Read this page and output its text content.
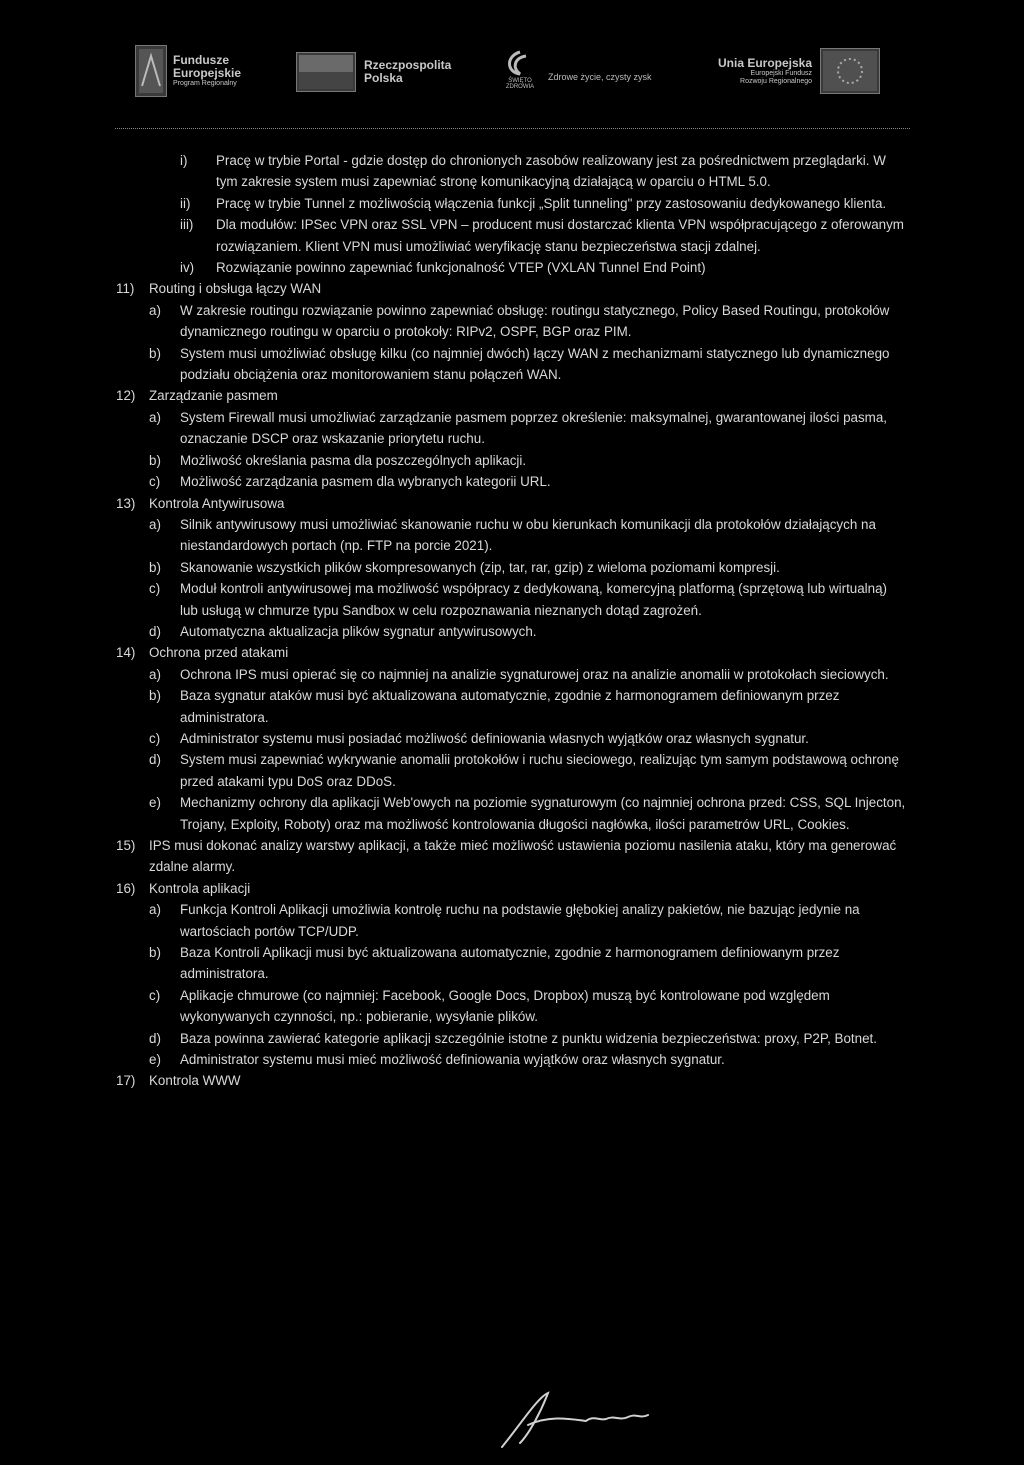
Fundusze
Europejskie
Program Regionalny
Rzeczpospolita
Polska	ŚWIĘTO ZDROWIA
Zdrowe życie, czysty zysk
Unia Europejska
Europejski Fundusz
Rozwoju Regionalnego
i) Pracę w trybie Portal - gdzie dostęp do chronionych zasobów realizowany jest za pośrednictwem przeglądarki. W tym zakresie system musi zapewniać stronę komunikacyjną działającą w oparciu o HTML 5.0.
ii) Pracę w trybie Tunnel z możliwością włączenia funkcji „Split tunneling" przy zastosowaniu dedykowanego klienta.
iii) Dla modułów: IPSec VPN oraz SSL VPN – producent musi dostarczać klienta VPN współpracującego z oferowanym rozwiązaniem. Klient VPN musi umożliwiać weryfikację stanu bezpieczeństwa stacji zdalnej.
iv) Rozwiązanie powinno zapewniać funkcjonalność VTEP (VXLAN Tunnel End Point)
11) Routing i obsługa łączy WAN
a) W zakresie routingu rozwiązanie powinno zapewniać obsługę: routingu statycznego, Policy Based Routingu, protokołów dynamicznego routingu w oparciu o protokoły: RIPv2, OSPF, BGP oraz PIM.
b) System musi umożliwiać obsługę kilku (co najmniej dwóch) łączy WAN z mechanizmami statycznego lub dynamicznego podziału obciążenia oraz monitorowaniem stanu połączeń WAN.
12) Zarządzanie pasmem
a) System Firewall musi umożliwiać zarządzanie pasmem poprzez określenie: maksymalnej, gwarantowanej ilości pasma, oznaczanie DSCP oraz wskazanie priorytetu ruchu.
b) Możliwość określania pasma dla poszczególnych aplikacji.
c) Możliwość zarządzania pasmem dla wybranych kategorii URL.
13) Kontrola Antywirusowa
a) Silnik antywirusowy musi umożliwiać skanowanie ruchu w obu kierunkach komunikacji dla protokołów działających na niestandardowych portach (np. FTP na porcie 2021).
b) Skanowanie wszystkich plików skompresowanych (zip, tar, rar, gzip) z wieloma poziomami kompresji.
c) Moduł kontroli antywirusowej ma możliwość współpracy z dedykowaną, komercyjną platformą (sprzętową lub wirtualną) lub usługą w chmurze typu Sandbox w celu rozpoznawania nieznanych dotąd zagrożeń.
d) Automatyczna aktualizacja plików sygnatur antywirusowych.
14) Ochrona przed atakami
a) Ochrona IPS musi opierać się co najmniej na analizie sygnaturowej oraz na analizie anomalii w protokołach sieciowych.
b) Baza sygnatur ataków musi być aktualizowana automatycznie, zgodnie z harmonogramem definiowanym przez administratora.
c) Administrator systemu musi posiadać możliwość definiowania własnych wyjątków oraz własnych sygnatur.
d) System musi zapewniać wykrywanie anomalii protokołów i ruchu sieciowego, realizując tym samym podstawową ochronę przed atakami typu DoS oraz DDoS.
e) Mechanizmy ochrony dla aplikacji Web'owych na poziomie sygnaturowym (co najmniej ochrona przed: CSS, SQL Injecton, Trojany, Exploity, Roboty) oraz ma możliwość kontrolowania długości nagłówka, ilości parametrów URL, Cookies.
15) IPS musi dokonać analizy warstwy aplikacji, a także mieć możliwość ustawienia poziomu nasilenia ataku, który ma generować zdalne alarmy.
16) Kontrola aplikacji
a) Funkcja Kontroli Aplikacji umożliwia kontrolę ruchu na podstawie głębokiej analizy pakietów, nie bazując jedynie na wartościach portów TCP/UDP.
b) Baza Kontroli Aplikacji musi być aktualizowana automatycznie, zgodnie z harmonogramem definiowanym przez administratora.
c) Aplikacje chmurowe (co najmniej: Facebook, Google Docs, Dropbox) muszą być kontrolowane pod względem wykonywanych czynności, np.: pobieranie, wysyłanie plików.
d) Baza powinna zawierać kategorie aplikacji szczególnie istotne z punktu widzenia bezpieczeństwa: proxy, P2P, Botnet.
e) Administrator systemu musi mieć możliwość definiowania wyjątków oraz własnych sygnatur.
17) Kontrola WWW
